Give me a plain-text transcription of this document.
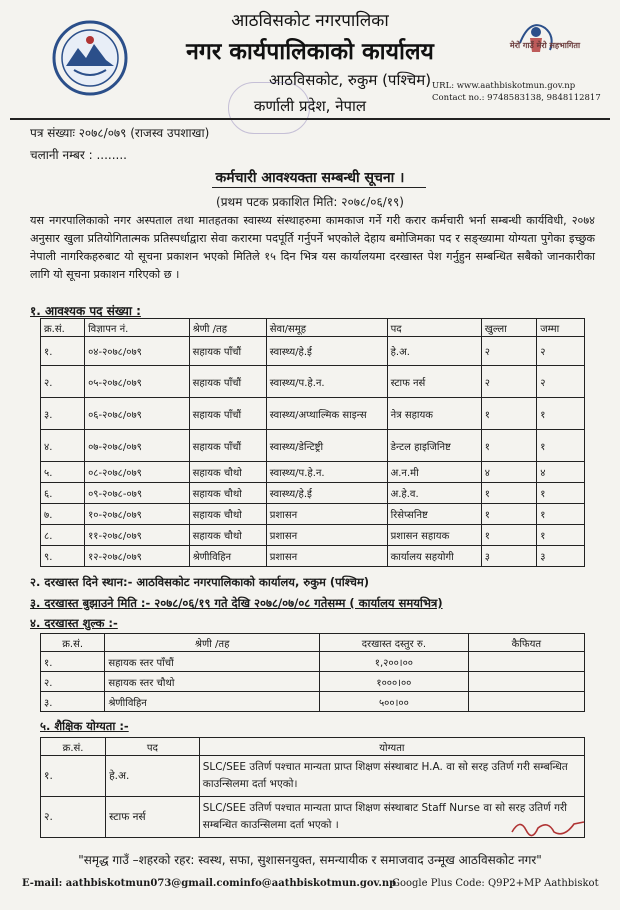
आठविसकोट नगरपालिका
नगर कार्यपालिकाको कार्यालय
आठविसकोट, रुकुम (पश्चिम)
कर्णाली प्रदेश, नेपाल
मेरो गाउँ मेरो सहभागिता
URL: www.aathbiskotmun.gov.np
Contact no.: 9748583138, 9848112817
पत्र संख्याः २०७८/०७९ (राजस्व उपशाखा)
चलानी नम्बर : ........
कर्मचारी आवश्यक्ता सम्बन्धी सूचना ।
(प्रथम पटक प्रकाशित मिति: २०७८/०६/१९)
यस नगरपालिकाको नगर अस्पताल तथा मातहतका स्वास्थ्य संस्थाहरुमा कामकाज गर्ने गरी करार कर्मचारी भर्ना सम्बन्धी कार्यविधी, २०७४ अनुसार खुला प्रतियोगितात्मक प्रतिस्पर्धाद्वारा सेवा करारमा पदपूर्ति गर्नुपर्ने भएकोले देहाय बमोजिमका पद र सङ्ख्यामा योग्यता पुगेका इच्छुक नेपाली नागरिकहरुबाट यो सूचना प्रकाशन भएको मितिले १५ दिन भित्र यस कार्यालयमा दरखास्त पेश गर्नुहुन सम्बन्धित सबैको जानकारीका लागि यो सूचना प्रकाशन गरिएको छ ।
१. आवश्यक पद संख्या :
क्र.सं.	विज्ञापन नं.	श्रेणी /तह	सेवा/समूह	पद	खुल्ला	जम्मा
१.	०४-२०७८/०७९	सहायक पाँचौं	स्वास्थ्य/हे.ई	हे.अ.	२	२
२.	०५-२०७८/०७९	सहायक पाँचौं	स्वास्थ्य/प.हे.न.	स्टाफ नर्स	२	२
३.	०६-२०७८/०७९	सहायक पाँचौं	स्वास्थ्य/अप्थाल्मिक साइन्स	नेत्र सहायक	१	१
४.	०७-२०७८/०७९	सहायक पाँचौं	स्वास्थ्य/डेन्टिष्ट्री	डेन्टल हाइजिनिष्ट	१	१
५.	०८-२०७८/०७९	सहायक चौथो	स्वास्थ्य/प.हे.न.	अ.न.मी	४	४
६.	०९-२०७८-०७९	सहायक चौथो	स्वास्थ्य/हे.ई	अ.हे.व.	१	१
७.	१०-२०७८/०७९	सहायक चौथो	प्रशासन	रिसेप्सनिष्ट	१	१
८.	११-२०७८/०७९	सहायक चौथो	प्रशासन	प्रशासन सहायक	१	१
९.	१२-२०७८/०७९	श्रेणीविहिन	प्रशासन	कार्यालय सहयोगी	३	३
२. दरखास्त दिने स्थान:- आठविसकोट नगरपालिकाको कार्यालय, रुकुम (पश्चिम)
३. दरखास्त बुझाउने मिति :- २०७८/०६/१९ गते देखि २०७८/०७/०८ गतेसम्म ( कार्यालय समयभित्र)
४. दरखास्त शुल्क :-
क्र.सं.	श्रेणी /तह	दरखास्त दस्तुर रु.	कैफियत
१.	सहायक स्तर पाँचौं	१,२००।००	
२.	सहायक स्तर चौथो	१०००।००	
३.	श्रेणीविहिन	५००।००	
५. शैक्षिक योग्यता :-
क्र.सं.	पद	योग्यता
१.	हे.अ.	SLC/SEE उतिर्ण पश्चात मान्यता प्राप्त शिक्षण संस्थाबाट H.A. वा सो सरह उतिर्ण गरी सम्बन्धित काउन्सिलमा दर्ता भएको।
२.	स्टाफ नर्स	SLC/SEE उतिर्ण पश्चात मान्यता प्राप्त शिक्षण संस्थाबाट Staff Nurse वा सो सरह उतिर्ण गरी सम्बन्धित काउन्सिलमा दर्ता भएको ।
"समृद्ध गाउँ –शहरको रहर: स्वस्थ, सफा, सुशासनयुक्त, समन्यायीक र समाजवाद उन्मूख आठविसकोट नगर"
E-mail: aathbiskotmun073@gmail.cominfo@aathbiskotmun.gov.np
Google Plus Code: Q9P2+MP Aathbiskot
